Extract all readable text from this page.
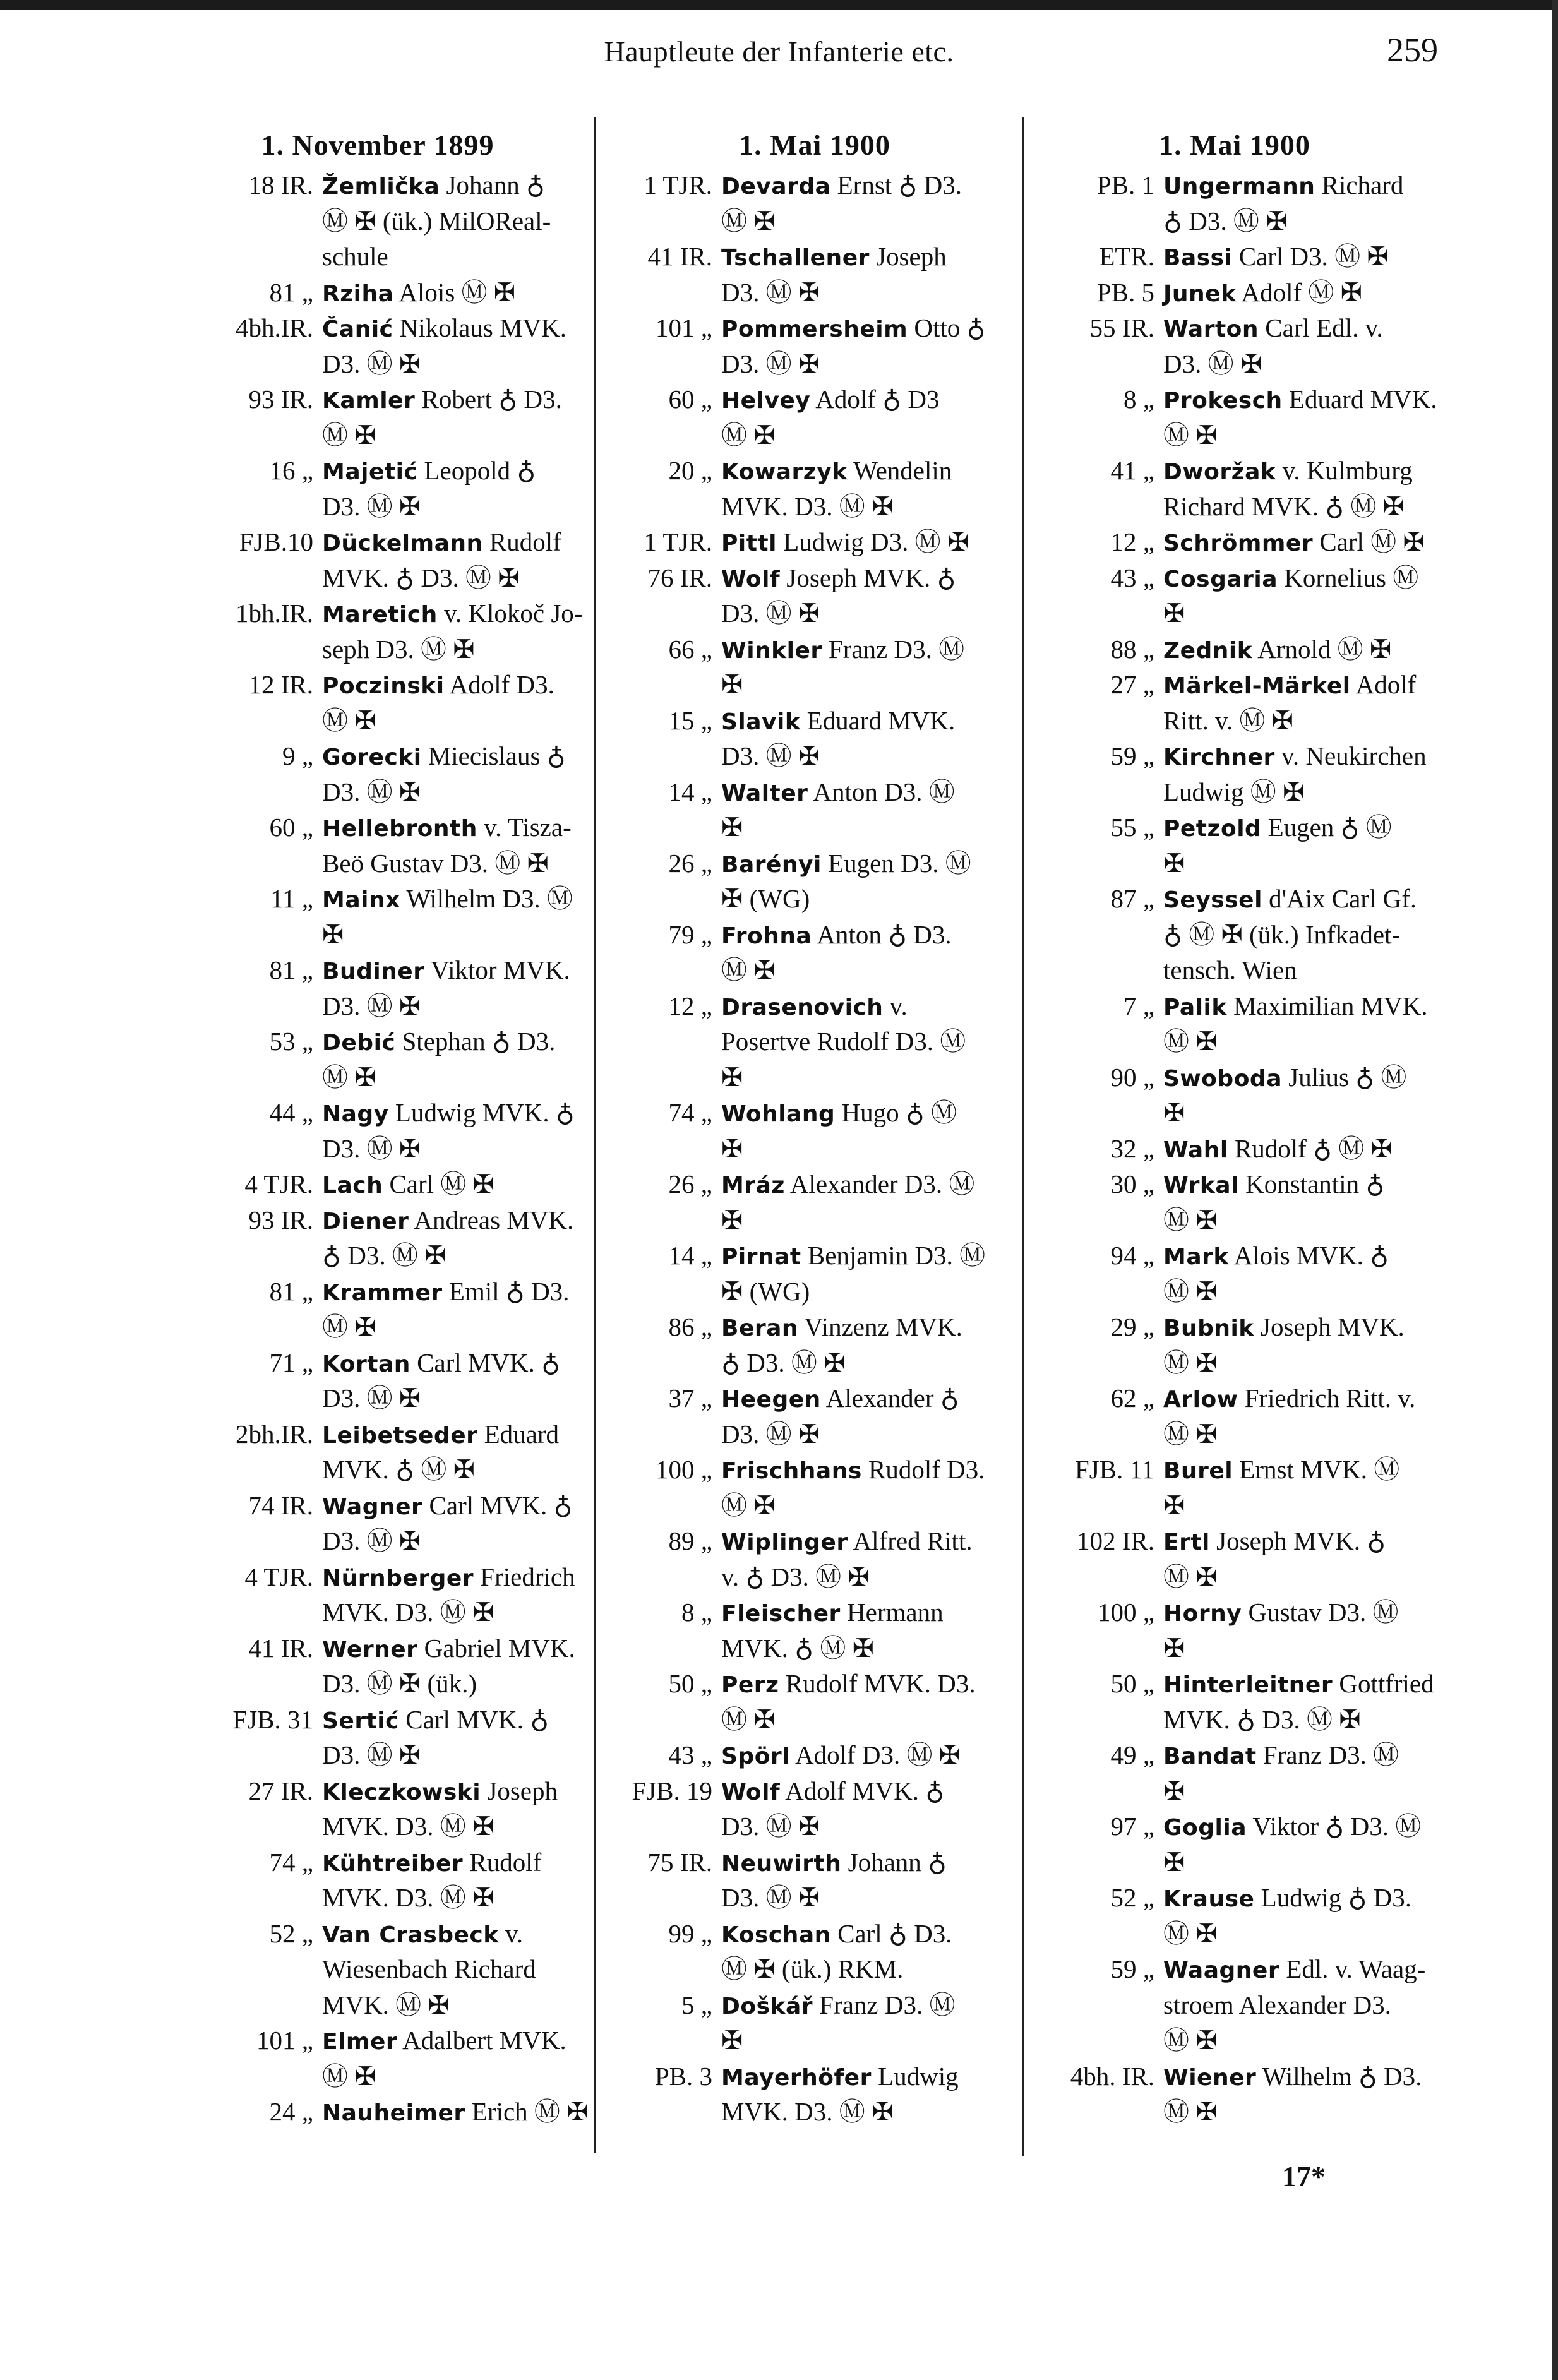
Hauptleute der Infanterie etc.	259
1. November 1899
18 IR. Žemlička Johann ♁
Ⓜ ✠ (ük.) MilOReal-
schule
81 „ Rziha Alois Ⓜ ✠
4bh.IR. Čanić Nikolaus MVK.
D3. Ⓜ ✠
93 IR. Kamler Robert ♁ D3.
Ⓜ ✠
16 „ Majetić Leopold ♁
D3. Ⓜ ✠
FJB.10 Dückelmann Rudolf
MVK. ♁ D3. Ⓜ ✠
1bh.IR. Maretich v. Klokoč Jo-
seph D3. Ⓜ ✠
12 IR. Poczinski Adolf D3.
Ⓜ ✠
9 „ Gorecki Miecislaus ♁
D3. Ⓜ ✠
60 „ Hellebronth v. Tisza-
Beö Gustav D3. Ⓜ ✠
11 „ Mainx Wilhelm D3. Ⓜ
✠
81 „ Budiner Viktor MVK.
D3. Ⓜ ✠
53 „ Debić Stephan ♁ D3.
Ⓜ ✠
44 „ Nagy Ludwig MVK. ♁
D3. Ⓜ ✠
4 TJR. Lach Carl Ⓜ ✠
93 IR. Diener Andreas MVK.
♁ D3. Ⓜ ✠
81 „ Krammer Emil ♁ D3.
Ⓜ ✠
71 „ Kortan Carl MVK. ♁
D3. Ⓜ ✠
2bh.IR. Leibetseder Eduard
MVK. ♁ Ⓜ ✠
74 IR. Wagner Carl MVK. ♁
D3. Ⓜ ✠
4 TJR. Nürnberger Friedrich
MVK. D3. Ⓜ ✠
41 IR. Werner Gabriel MVK.
D3. Ⓜ ✠ (ük.)
FJB. 31 Sertić Carl MVK. ♁
D3. Ⓜ ✠
27 IR. Kleczkowski Joseph
MVK. D3. Ⓜ ✠
74 „ Kühtreiber Rudolf
MVK. D3. Ⓜ ✠
52 „ Van Crasbeck v.
Wiesenbach Richard
MVK. Ⓜ ✠
101 „ Elmer Adalbert MVK.
Ⓜ ✠
24 „ Nauheimer Erich Ⓜ ✠
1. Mai 1900
1 TJR. Devarda Ernst ♁ D3.
Ⓜ ✠
41 IR. Tschallener Joseph
D3. Ⓜ ✠
101 „ Pommersheim Otto ♁
D3. Ⓜ ✠
60 „ Helvey Adolf ♁ D3
Ⓜ ✠
20 „ Kowarzyk Wendelin
MVK. D3. Ⓜ ✠
1 TJR. Pittl Ludwig D3. Ⓜ ✠
76 IR. Wolf Joseph MVK. ♁
D3. Ⓜ ✠
66 „ Winkler Franz D3. Ⓜ
✠
15 „ Slavik Eduard MVK.
D3. Ⓜ ✠
14 „ Walter Anton D3. Ⓜ
✠
26 „ Barényi Eugen D3. Ⓜ
✠ (WG)
79 „ Frohna Anton ♁ D3.
Ⓜ ✠
12 „ Drasenovich v.
Posertve Rudolf D3. Ⓜ
✠
74 „ Wohlang Hugo ♁ Ⓜ
✠
26 „ Mráz Alexander D3. Ⓜ
✠
14 „ Pirnat Benjamin D3. Ⓜ
✠ (WG)
86 „ Beran Vinzenz MVK.
♁ D3. Ⓜ ✠
37 „ Heegen Alexander ♁
D3. Ⓜ ✠
100 „ Frischhans Rudolf D3.
Ⓜ ✠
89 „ Wiplinger Alfred Ritt.
v. ♁ D3. Ⓜ ✠
8 „ Fleischer Hermann
MVK. ♁ Ⓜ ✠
50 „ Perz Rudolf MVK. D3.
Ⓜ ✠
43 „ Spörl Adolf D3. Ⓜ ✠
FJB. 19 Wolf Adolf MVK. ♁
D3. Ⓜ ✠
75 IR. Neuwirth Johann ♁
D3. Ⓜ ✠
99 „ Koschan Carl ♁ D3.
Ⓜ ✠ (ük.) RKM.
5 „ Doškář Franz D3. Ⓜ
✠
PB. 3 Mayerhöfer Ludwig
MVK. D3. Ⓜ ✠
1. Mai 1900
PB. 1 Ungermann Richard
♁ D3. Ⓜ ✠
ETR. Bassi Carl D3. Ⓜ ✠
PB. 5 Junek Adolf Ⓜ ✠
55 IR. Warton Carl Edl. v.
D3. Ⓜ ✠
8 „ Prokesch Eduard MVK.
Ⓜ ✠
41 „ Dworžak v. Kulmburg
Richard MVK. ♁ Ⓜ ✠
12 „ Schrömmer Carl Ⓜ ✠
43 „ Cosgaria Kornelius Ⓜ
✠
88 „ Zednik Arnold Ⓜ ✠
27 „ Märkel-Märkel Adolf
Ritt. v. Ⓜ ✠
59 „ Kirchner v. Neukirchen
Ludwig Ⓜ ✠
55 „ Petzold Eugen ♁ Ⓜ
✠
87 „ Seyssel d'Aix Carl Gf.
♁ Ⓜ ✠ (ük.) Infkadet-
tensch. Wien
7 „ Palik Maximilian MVK.
Ⓜ ✠
90 „ Swoboda Julius ♁ Ⓜ
✠
32 „ Wahl Rudolf ♁ Ⓜ ✠
30 „ Wrkal Konstantin ♁
Ⓜ ✠
94 „ Mark Alois MVK. ♁
Ⓜ ✠
29 „ Bubnik Joseph MVK.
Ⓜ ✠
62 „ Arlow Friedrich Ritt. v.
Ⓜ ✠
FJB. 11 Burel Ernst MVK. Ⓜ
✠
102 IR. Ertl Joseph MVK. ♁
Ⓜ ✠
100 „ Horny Gustav D3. Ⓜ
✠
50 „ Hinterleitner Gottfried
MVK. ♁ D3. Ⓜ ✠
49 „ Bandat Franz D3. Ⓜ
✠
97 „ Goglia Viktor ♁ D3. Ⓜ
✠
52 „ Krause Ludwig ♁ D3.
Ⓜ ✠
59 „ Waagner Edl. v. Waag-
stroem Alexander D3.
Ⓜ ✠
4bh. IR. Wiener Wilhelm ♁ D3.
Ⓜ ✠
17*
